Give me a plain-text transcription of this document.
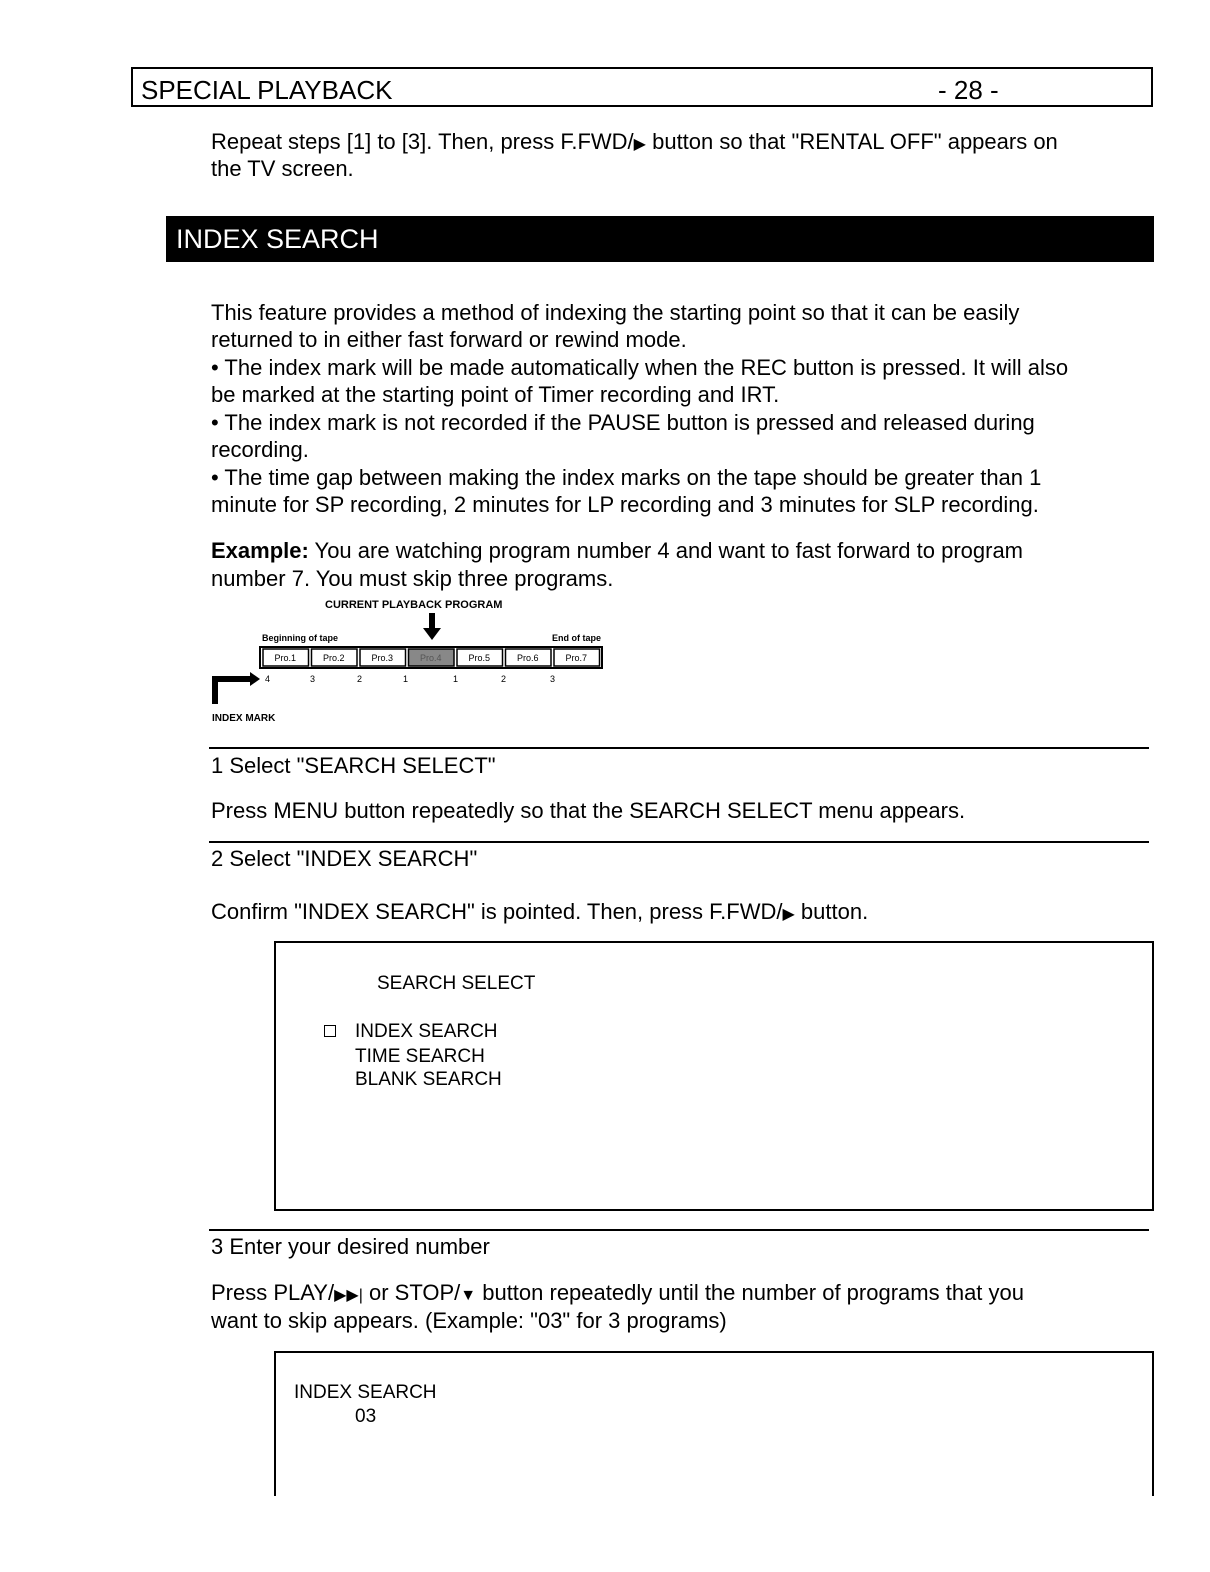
SPECIAL PLAYBACK	- 28 -
Repeat steps [1] to [3]. Then, press F.FWD/▶ button so that "RENTAL OFF" appears on
the TV screen.
INDEX SEARCH
This feature provides a method of indexing the starting point so that it can be easily
returned to in either fast forward or rewind mode.
• The index mark will be made automatically when the REC button is pressed. It will also
be marked at the starting point of Timer recording and IRT.
• The index mark is not recorded if the PAUSE button is pressed and released during
recording.
• The time gap between making the index marks on the tape should be greater than 1
minute for SP recording, 2 minutes for LP recording and 3 minutes for SLP recording.
Example: You are watching program number 4 and want to fast forward to program
number 7. You must skip three programs.
CURRENT PLAYBACK PROGRAM
Beginning of tape	End of tape
Pro.1	Pro.2	Pro.3	Pro.4	Pro.5	Pro.6	Pro.7
4	3	2	1	1	2	3
INDEX MARK
1 Select "SEARCH SELECT"
Press MENU button repeatedly so that the SEARCH SELECT menu appears.
2 Select "INDEX SEARCH"
Confirm "INDEX SEARCH" is pointed. Then, press F.FWD/▶ button.
SEARCH SELECT
INDEX SEARCH
TIME SEARCH
BLANK SEARCH
3 Enter your desired number
Press PLAY/▶▶| or STOP/▼ button repeatedly until the number of programs that you
want to skip appears. (Example: "03" for 3 programs)
INDEX SEARCH
03
